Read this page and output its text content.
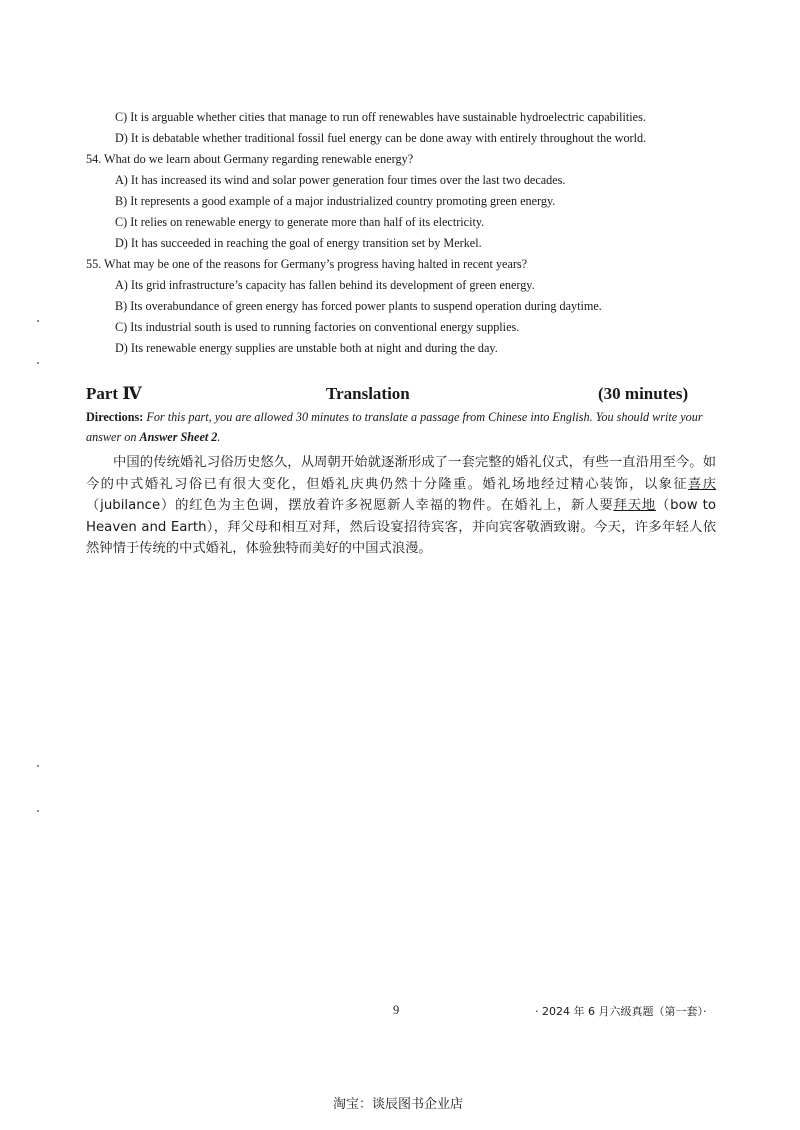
C) It is arguable whether cities that manage to run off renewables have sustainable hydroelectric capabilities.
D) It is debatable whether traditional fossil fuel energy can be done away with entirely throughout the world.
54. What do we learn about Germany regarding renewable energy?
A) It has increased its wind and solar power generation four times over the last two decades.
B) It represents a good example of a major industrialized country promoting green energy.
C) It relies on renewable energy to generate more than half of its electricity.
D) It has succeeded in reaching the goal of energy transition set by Merkel.
55. What may be one of the reasons for Germany’s progress having halted in recent years?
A) Its grid infrastructure’s capacity has fallen behind its development of green energy.
B) Its overabundance of green energy has forced power plants to suspend operation during daytime.
C) Its industrial south is used to running factories on conventional energy supplies.
D) Its renewable energy supplies are unstable both at night and during the day.
Part Ⅳ	Translation	(30 minutes)
Directions: For this part, you are allowed 30 minutes to translate a passage from Chinese into English. You should write your answer on Answer Sheet 2.
中国的传统婚礼习俗历史悠久，从周朝开始就逐渐形成了一套完整的婚礼仪式，有些一直沿用至今。如今的中式婚礼习俗已有很大变化，但婚礼庆典仍然十分隆重。婚礼场地经过精心装饰，以象征喜庆（jubilance）的红色为主色调，摆放着许多祝愿新人幸福的物件。在婚礼上，新人要拜天地（bow to Heaven and Earth），拜父母和相互对拜，然后设宴招待宾客，并向宾客敬酒致谢。今天，许多年轻人依然钟情于传统的中式婚礼，体验独特而美好的中国式浪漫。
9	· 2024 年 6 月六级真题（第一套）·
淘宝：谈辰图书企业店
